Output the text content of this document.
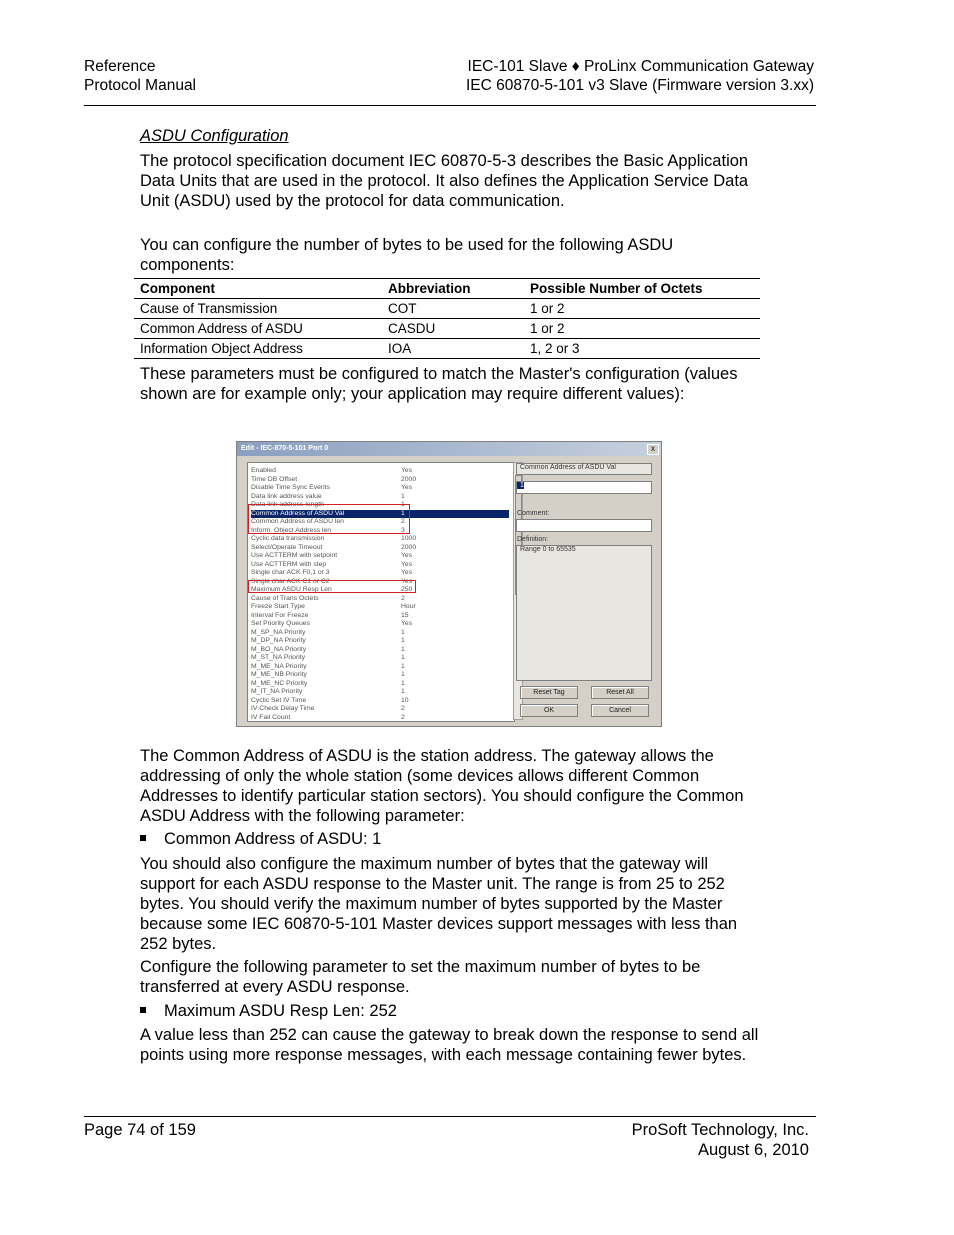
Reference
Protocol Manual
IEC-101 Slave ♦ ProLinx Communication Gateway
IEC 60870-5-101 v3 Slave (Firmware version 3.xx)
ASDU Configuration
The protocol specification document IEC 60870-5-3 describes the Basic Application Data Units that are used in the protocol. It also defines the Application Service Data Unit (ASDU) used by the protocol for data communication.
You can configure the number of bytes to be used for the following ASDU components:
Component	Abbreviation	Possible Number of Octets
Cause of Transmission	COT	1 or 2
Common Address of ASDU	CASDU	1 or 2
Information Object Address	IOA	1, 2 or 3
These parameters must be configured to match the Master's configuration (values shown are for example only; your application may require different values):
Edit - IEC-870-5-101 Port 0	x
Enabled	Yes
Time DB Offset	2000
Disable Time Sync Events	Yes
Data link address value	1
Data link address length	1
Common Address of ASDU Val	1
Common Address of ASDU len	2
Inform. Object Address len	3
Cyclic data transmission	1000
Select/Operate Timeout	2000
Use ACTTERM with setpoint	Yes
Use ACTTERM with step	Yes
Single char ACK F0,1 or 3	Yes
Single char ACK C1 or C2	Yes
Maximum ASDU Resp Len	250
Cause of Trans Octets	2
Freeze Start Type	Hour
Interval For Freeze	15
Set Priority Queues	Yes
M_SP_NA Priority	1
M_DP_NA Priority	1
M_BO_NA Priority	1
M_ST_NA Priority	1
M_ME_NA Priority	1
M_ME_NB Priority	1
M_ME_NC Priority	1
M_IT_NA Priority	1
Cyclic Set IV Time	10
IV Check Delay Time	2
IV Fail Count	2
Common Address of ASDU Val
1
Comment:
Definition:
Range 0 to 65535
Reset Tag	Reset All
OK	Cancel
The Common Address of ASDU is the station address. The gateway allows the addressing of only the whole station (some devices allows different Common Addresses to identify particular station sectors). You should configure the Common ASDU Address with the following parameter:
Common Address of ASDU: 1
You should also configure the maximum number of bytes that the gateway will support for each ASDU response to the Master unit. The range is from 25 to 252 bytes. You should verify the maximum number of bytes supported by the Master because some IEC 60870-5-101 Master devices support messages with less than 252 bytes.
Configure the following parameter to set the maximum number of bytes to be transferred at every ASDU response.
Maximum ASDU Resp Len: 252
A value less than 252 can cause the gateway to break down the response to send all points using more response messages, with each message containing fewer bytes.
Page 74 of 159	ProSoft Technology, Inc.
August 6, 2010
